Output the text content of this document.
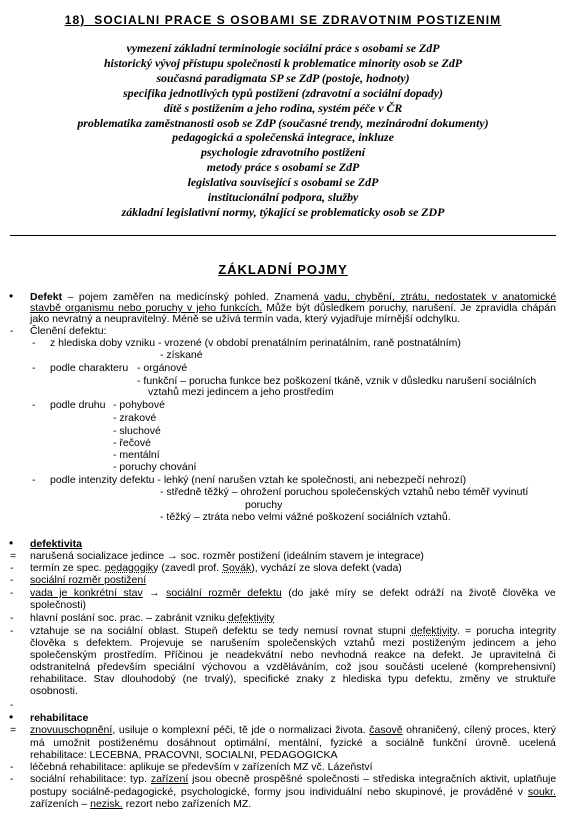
18)  SOCIALNI PRACE S OSOBAMI SE ZDRAVOTNIM POSTIZENIM
vymezení základní terminologie sociální práce s osobami se ZdP
historický vývoj přístupu společnosti k problematice minority osob se ZdP
současná paradigmata SP se ZdP (postoje, hodnoty)
specifika jednotlivých typů postižení (zdravotní a sociální dopady)
dítě s postižením a jeho rodina, systém péče v ČR
problematika zaměstnanosti osob se ZdP (současné trendy, mezinárodní dokumenty)
pedagogická a společenská integrace, inkluze
psychologie zdravotního postižení
metody práce s osobami se ZdP
legislativa související s osobami se ZdP
institucionální podpora, služby
základní legislativní normy, týkající se problematicky osob se ZDP
ZÁKLADNÍ POJMY
• Defekt – pojem zaměřen na medicínský pohled. Znamená vadu, chybění, ztrátu, nedostatek v anatomické
stavbě organismu nebo poruchy v jeho funkcích. Může být důsledkem poruchy, narušení. Je zpravidla chápán
jako nevratný a neupravitelný. Méně se užívá termín vada, který vyjadřuje mírnější odchylku.
- Členění defektu:
- z hlediska doby vzniku - vrozené (v období prenatálním perinatálním, raně postnatálním)
- získané
- podle charakteru - orgánové
- funkční – porucha funkce bez poškození tkáně, vznik v důsledku narušení sociálních
vztahů mezi jedincem a jeho prostředím
- podle druhu - pohybové
- zrakové
- sluchové
- řečové
- mentální
- poruchy chování
- podle intenzity defektu - lehký (není narušen vztah ke společnosti, ani nebezpečí nehrozí)
- středně těžký – ohrožení poruchou společenských vztahů nebo téměř vyvinutí
poruchy
- těžký – ztráta nebo velmi vážné poškození sociálních vztahů.
• defektivita
= narušená socializace jedince → soc. rozměr postižení (ideálním stavem je integrace)
- termín ze spec. pedagogiky (zavedl prof. Sovák), vychází ze slova defekt (vada)
- sociální rozměr postižení
- vada je konkrétní stav → sociální rozměr defektu (do jaké míry se defekt odráží na životě člověka ve
společnosti)
- hlavní poslání soc. prac. – zabránit vzniku defektivity
- vztahuje se na sociální oblast. Stupeň defektu se tedy nemusí rovnat stupni defektivity. = porucha integrity
člověka s defektem. Projevuje se narušením společenských vztahů mezi postiženým jedincem a jeho
společenským prostředím. Příčinou je neadekvátní nebo nevhodná reakce na defekt. Je upravitelná či
odstranitelná především speciální výchovou a vzděláváním, což jsou součásti ucelené (komprehensivní)
rehabilitace. Stav dlouhodobý (ne trvalý), specifické znaky z hlediska typu defektu, změny ve struktuře
osobnosti.
-
• rehabilitace
= znovuuschopnění, usiluje o komplexní péči, tě jde o normalizaci života. časově ohraničený, cílený proces, který
má umožnit postiženému dosáhnout optimální, mentální, fyzické a sociálně funkční úrovně. ucelená
rehabilitace: LECEBNA, PRACOVNI, SOCIALNI, PEDAGOGICKA
- léčebná rehabilitace: aplikuje se především v zařízeních MZ vč. Lázeňství
- sociální rehabilitace: typ. zařízení jsou obecně prospěšné společnosti – střediska integračních aktivit, uplatňuje
postupy sociálně-pedagogické, psychologické, formy jsou individuální nebo skupinové, je prováděné v soukr.
zařízeních – nezisk. rezort nebo zařízeních MZ.
